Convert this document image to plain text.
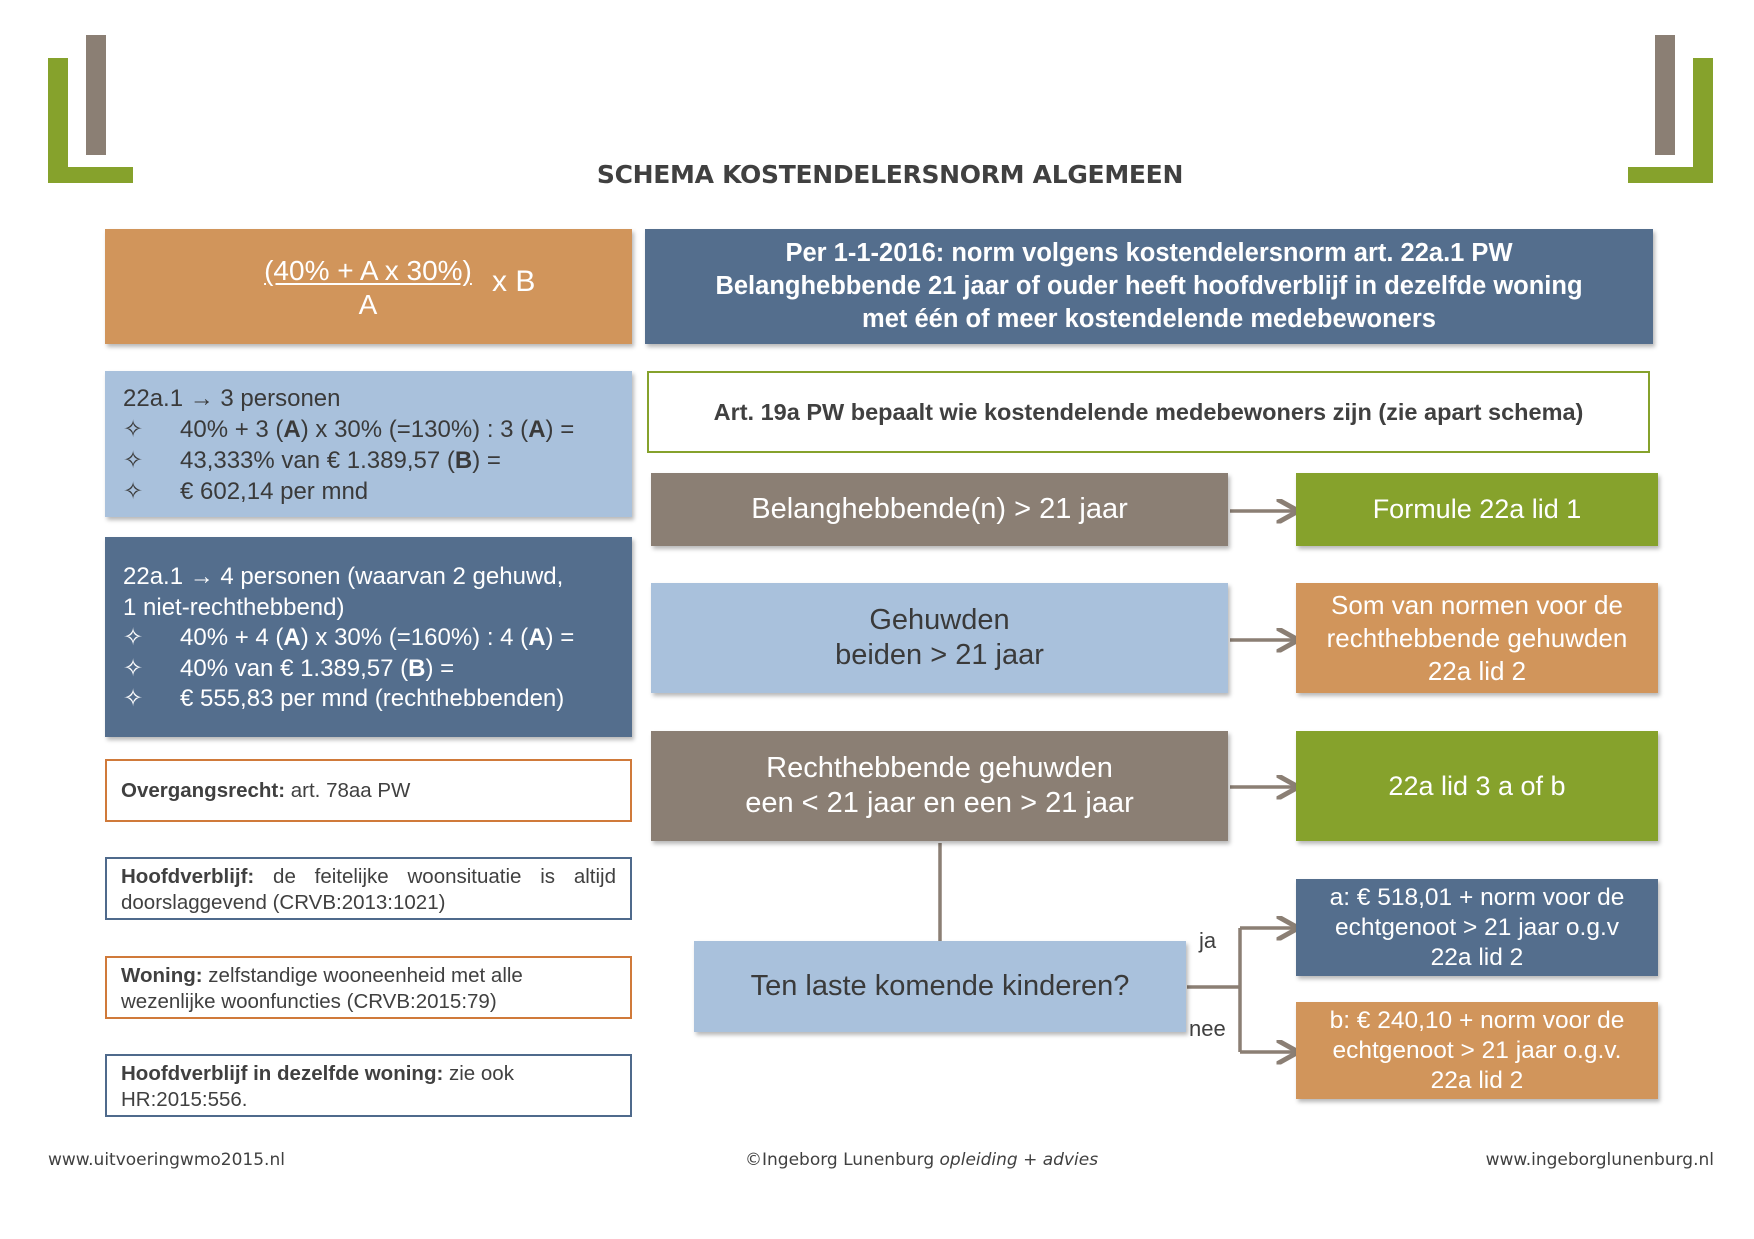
SCHEMA KOSTENDELERSNORM ALGEMEEN
$\frac{\text{(40\% + A x 30\%)}}{A}$ x B
Per 1-1-2016: norm volgens kostendelersnorm art. 22a.1 PW
Belanghebbende 21 jaar of ouder heeft hoofdverblijf in dezelfde woning
met één of meer kostendelende medebewoners
22a.1 → 3 personen
✧	40% + 3 (A) x 30% (=130%) : 3 (A) =
✧	43,333% van € 1.389,57 (B) =
✧	€ 602,14 per mnd
22a.1 → 4 personen (waarvan 2 gehuwd,
1 niet-rechthebbend)
✧	40% + 4 (A) x 30% (=160%) : 4 (A) =
✧	40% van € 1.389,57 (B) =
✧	€ 555,83 per mnd (rechthebbenden)
Overgangsrecht: art. 78aa PW
Hoofdverblijf: de feitelijke woonsituatie is altijd doorslaggevend (CRVB:2013:1021)
Woning: zelfstandige wooneenheid met alle wezenlijke woonfuncties (CRVB:2015:79)
Hoofdverblijf in dezelfde woning: zie ook HR:2015:556.
Art. 19a PW bepaalt wie kostendelende medebewoners zijn (zie apart schema)
Belanghebbende(n) > 21 jaar	Formule 22a lid 1
Gehuwden
beiden > 21 jaar
Som van normen voor de
rechthebbende gehuwden
22a lid 2
Rechthebbende gehuwden
een < 21 jaar en een > 21 jaar
22a lid 3 a of b
Ten laste komende kinderen?
ja
nee
a: € 518,01 + norm voor de
echtgenoot > 21 jaar o.g.v
22a lid 2
b: € 240,10 + norm voor de
echtgenoot > 21 jaar o.g.v.
22a lid 2
www.uitvoeringwmo2015.nl	©Ingeborg Lunenburg opleiding + advies	www.ingeborglunenburg.nl
